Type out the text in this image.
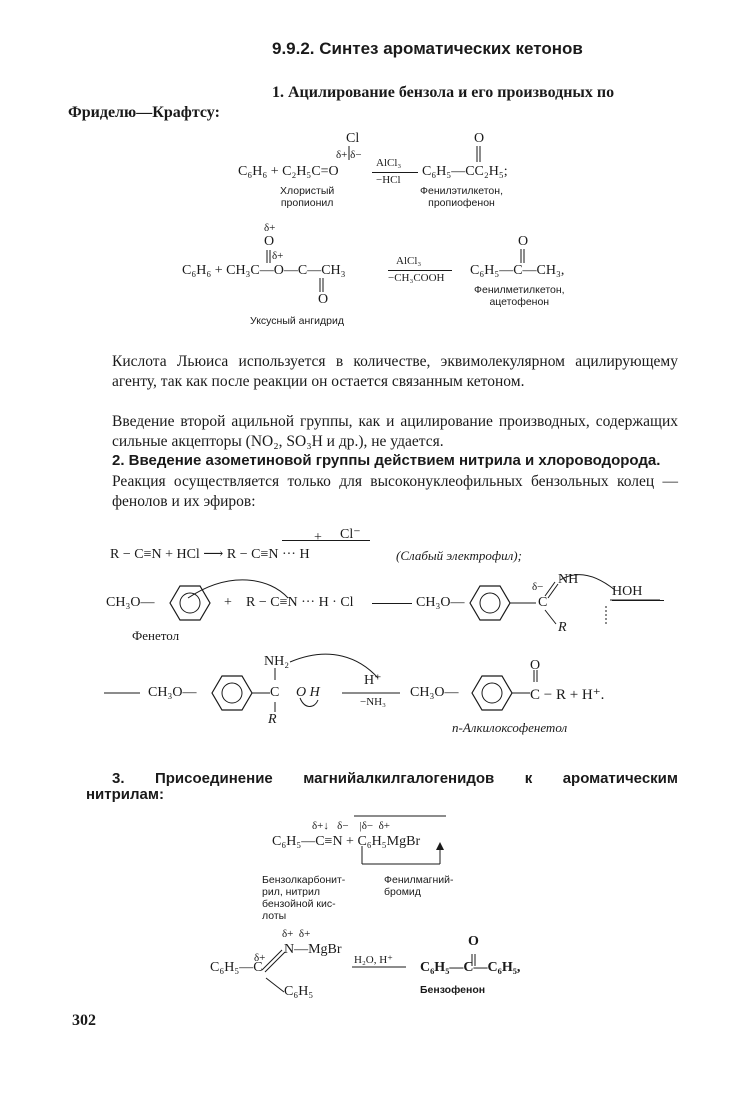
9.9.2. Синтез ароматических кетонов
1. Ацилирование бензола и его производных по
Фриделю—Крафтсу:
Cl	O
δ+ δ−
C₆H₆ + C₂H₅C=O
AlCl₃
−HCl
C₆H₅—CC₂H₅;
Хлористый
пропионил
Фенилэтилкетон,
пропиофенон
δ+
O
δ+
C₆H₆ + CH₃C—O—C—CH₃
O
AlCl₃
−CH₃COOH
O
C₆H₅—C—CH₃,
Уксусный ангидрид
Фенилметилкетон,
ацетофенон
Кислота Льюиса используется в количестве, эквимолекулярном ацилирующему агенту, так как после реакции он остается связанным кетоном.
Введение второй ацильной группы, как и ацилирование производных, содержащих сильные акцепторы (NO₂, SO₃H и др.), не удается.
2. Введение азометиновой группы действием нитрила и хлороводорода.
Реакция осуществляется только для высоконуклеофильных бензольных колец — фенолов и их эфиров:
+ Cl⁻
R − C≡N + HCl ⟶ R − C≡N ··· H	(Слабый электрофил);
CH₃O—	+ R − C≡N ··· H · Cl	CH₃O—	C
δ− NH
HOH
R
Фенетол
NH₂
CH₃O—	C O H
R
H⁺
−NH₃
CH₃O—
O
C − R + H⁺.
n-Алкилоксофенетол
3. Присоединение магнийалкилгалогенидов к ароматическим
нитрилам:
δ+↓   δ−    |δ−  δ+
C₆H₅—C≡N + C₆H₅MgBr
Бензолкарбонит-
рил, нитрил
бензойной кис-
лоты
Фенилмагний-
бромид
δ+  δ+
N—MgBr
δ+
C₆H₅—C
C₆H₅
H₂O, H⁺
O
C₆H₅—C—C₆H₅,
Бензофенон
302
